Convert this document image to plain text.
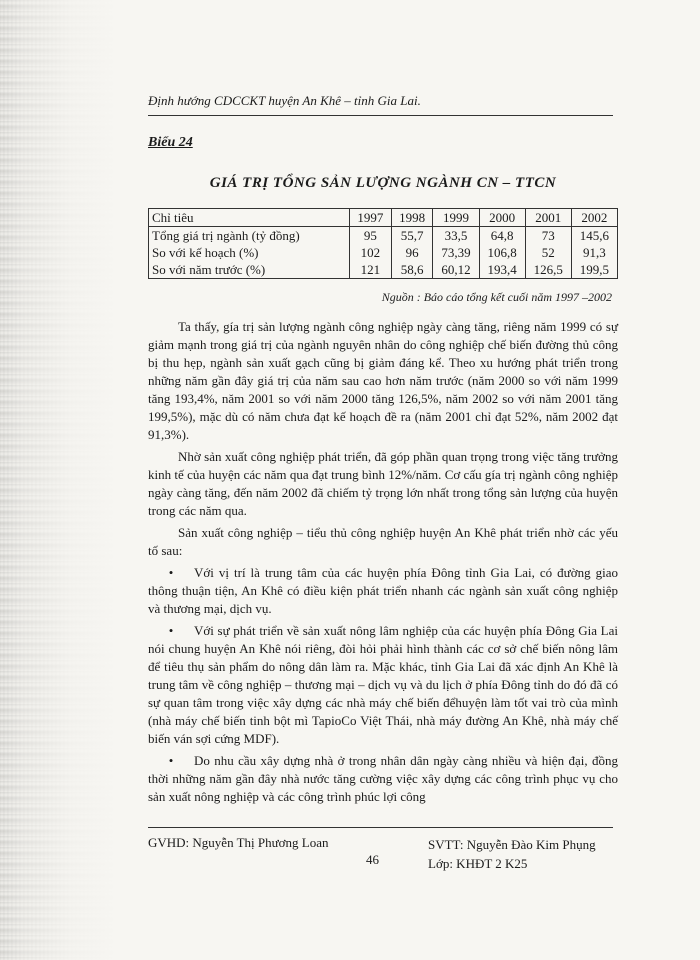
Định hướng CDCCKT huyện An Khê – tỉnh Gia Lai.
Biểu 24
GIÁ TRỊ TỔNG SẢN LƯỢNG NGÀNH CN – TTCN
Chỉ tiêu	1997	1998	1999	2000	2001	2002
Tổng giá trị ngành (tỷ đồng)	95	55,7	33,5	64,8	73	145,6
So với kế hoạch (%)	102	96	73,39	106,8	52	91,3
So với năm trước (%)	121	58,6	60,12	193,4	126,5	199,5
Nguồn : Báo cáo tổng kết cuối năm 1997 –2002

Ta thấy, gía trị sản lượng ngành công nghiệp ngày càng tăng, riêng năm 1999 có sự giảm mạnh trong giá trị của ngành nguyên nhân do công nghiệp chế biến đường thủ công bị thu hẹp, ngành sản xuất gạch cũng bị giảm đáng kể. Theo xu hướng phát triển trong những năm gần đây giá trị của năm sau cao hơn năm trước (năm 2000 so với năm 1999 tăng 193,4%, năm 2001 so với năm 2000 tăng 126,5%, năm 2002 so với năm 2001 tăng 199,5%), mặc dù có năm chưa đạt kế hoạch đề ra (năm 2001 chỉ đạt 52%, năm 2002 đạt 91,3%).

Nhờ sản xuất công nghiệp phát triển, đã góp phần quan trọng trong việc tăng trưởng kinh tế của huyện các năm qua đạt trung bình 12%/năm. Cơ cấu gía trị ngành công nghiệp ngày càng tăng, đến năm 2002 đã chiếm tỷ trọng lớn nhất trong tổng sản lượng của huyện trong các năm qua.

Sản xuất công nghiệp – tiểu thủ công nghiệp huyện An Khê phát triển nhờ các yếu tố sau:

• Với vị trí là trung tâm của các huyện phía Đông tỉnh Gia Lai, có đường giao thông thuận tiện, An Khê có điều kiện phát triển nhanh các ngành sản xuất công nghiệp và thương mại, dịch vụ.

• Với sự phát triển về sản xuất nông lâm nghiệp của các huyện phía Đông Gia Lai nói chung huyện An Khê nói riêng, đòi hỏi phải hình thành các cơ sở chế biến nông lâm để tiêu thụ sản phẩm do nông dân làm ra. Mặc khác, tỉnh Gia Lai đã xác định An Khê là trung tâm về công nghiệp – thương mại – dịch vụ và du lịch ở phía Đông tỉnh do đó đã có sự quan tâm trong việc xây dựng các nhà máy chế biến đểhuyện làm tốt vai trò của mình (nhà máy chế biến tinh bột mì TapioCo Việt Thái, nhà máy đường An Khê, nhà máy chế biến ván sợi cứng MDF).

• Do nhu cầu xây dựng nhà ở trong nhân dân ngày càng nhiều và hiện đại, đồng thời những năm gần đây nhà nước tăng cường việc xây dựng các công trình phục vụ cho sản xuất nông nghiệp và các công trình phúc lợi công

GVHD: Nguyễn Thị Phương Loan
46
SVTT: Nguyễn Đào Kim Phụng
Lớp: KHĐT 2 K25
